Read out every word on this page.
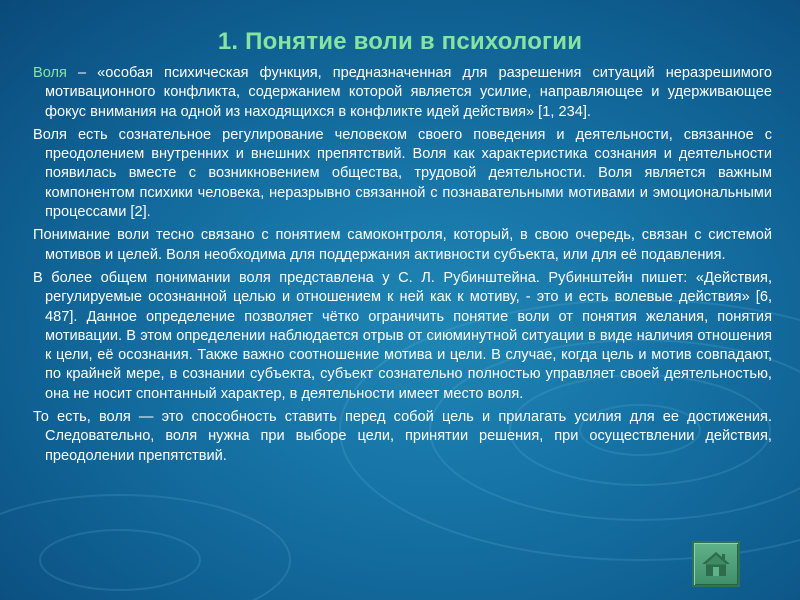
1. Понятие воли в психологии

Воля – «особая психическая функция, предназначенная для разрешения ситуаций неразрешимого мотивационного конфликта, содержанием которой является усилие, направляющее и удерживающее фокус внимания на одной из находящихся в конфликте идей действия» [1, 234].

Воля есть сознательное регулирование человеком своего поведения и деятельности, связанное с преодолением внутренних и внешних препятствий. Воля как характеристика сознания и деятельности появилась вместе с возникновением общества, трудовой деятельности. Воля является важным компонентом психики человека, неразрывно связанной с познавательными мотивами и эмоциональными процессами [2].

Понимание воли тесно связано с понятием самоконтроля, который, в свою очередь, связан с системой мотивов и целей. Воля необходима для поддержания активности субъекта, или для её подавления.

В более общем понимании воля представлена у С. Л. Рубинштейна. Рубинштейн пишет: «Действия, регулируемые осознанной целью и отношением к ней как к мотиву, - это и есть волевые действия» [6, 487]. Данное определение позволяет чётко ограничить понятие воли от понятия желания, понятия мотивации. В этом определении наблюдается отрыв от сиюминутной ситуации в виде наличия отношения к цели, её осознания. Также важно соотношение мотива и цели. В случае, когда цель и мотив совпадают, по крайней мере, в сознании субъекта, субъект сознательно полностью управляет своей деятельностью, она не носит спонтанный характер, в деятельности имеет место воля.

То есть, воля — это способность ставить перед собой цель и прилагать усилия для ее достижения. Следовательно, воля нужна при выборе цели, принятии решения, при осуществлении действия, преодолении препятствий.
